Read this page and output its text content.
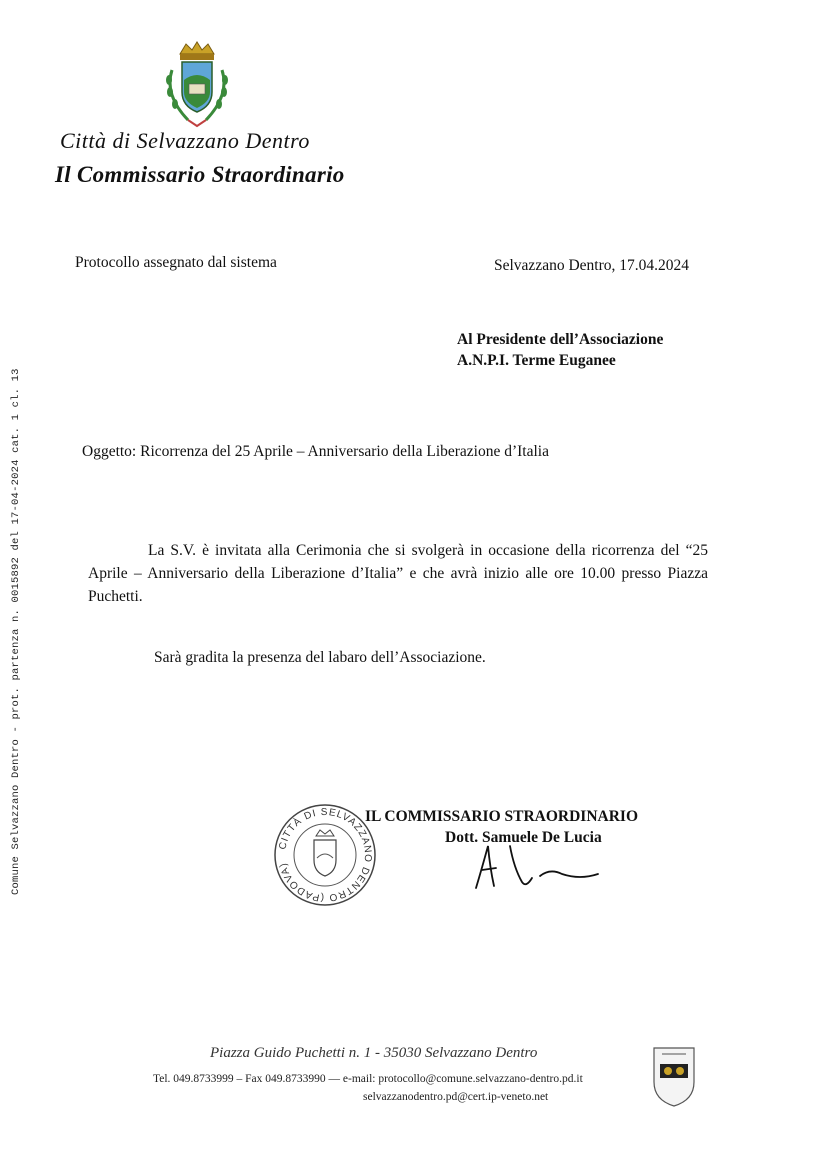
Comune Selvazzano Dentro - prot. partenza n. 0015892 del 17-04-2024 cat. 1 cl. 13
Città di Selvazzano Dentro
Il Commissario Straordinario
Protocollo assegnato dal sistema	Selvazzano Dentro, 17.04.2024
Al Presidente dell’Associazione
A.N.P.I. Terme Euganee
Oggetto: Ricorrenza del 25 Aprile – Anniversario della Liberazione d’Italia
La S.V. è invitata alla Cerimonia che si svolgerà in occasione della ricorrenza del “25 Aprile – Anniversario della Liberazione d’Italia” e che avrà inizio alle ore 10.00 presso Piazza Puchetti.
Sarà gradita la presenza del labaro dell’Associazione.
CITTÀ DI SELVAZZANO DENTRO (PADOVA)
IL COMMISSARIO STRAORDINARIO
Dott. Samuele De Lucia
Piazza Guido Puchetti n. 1 - 35030 Selvazzano Dentro
Tel. 049.8733999 – Fax 049.8733990 — e-mail: protocollo@comune.selvazzano-dentro.pd.it
selvazzanodentro.pd@cert.ip-veneto.net
